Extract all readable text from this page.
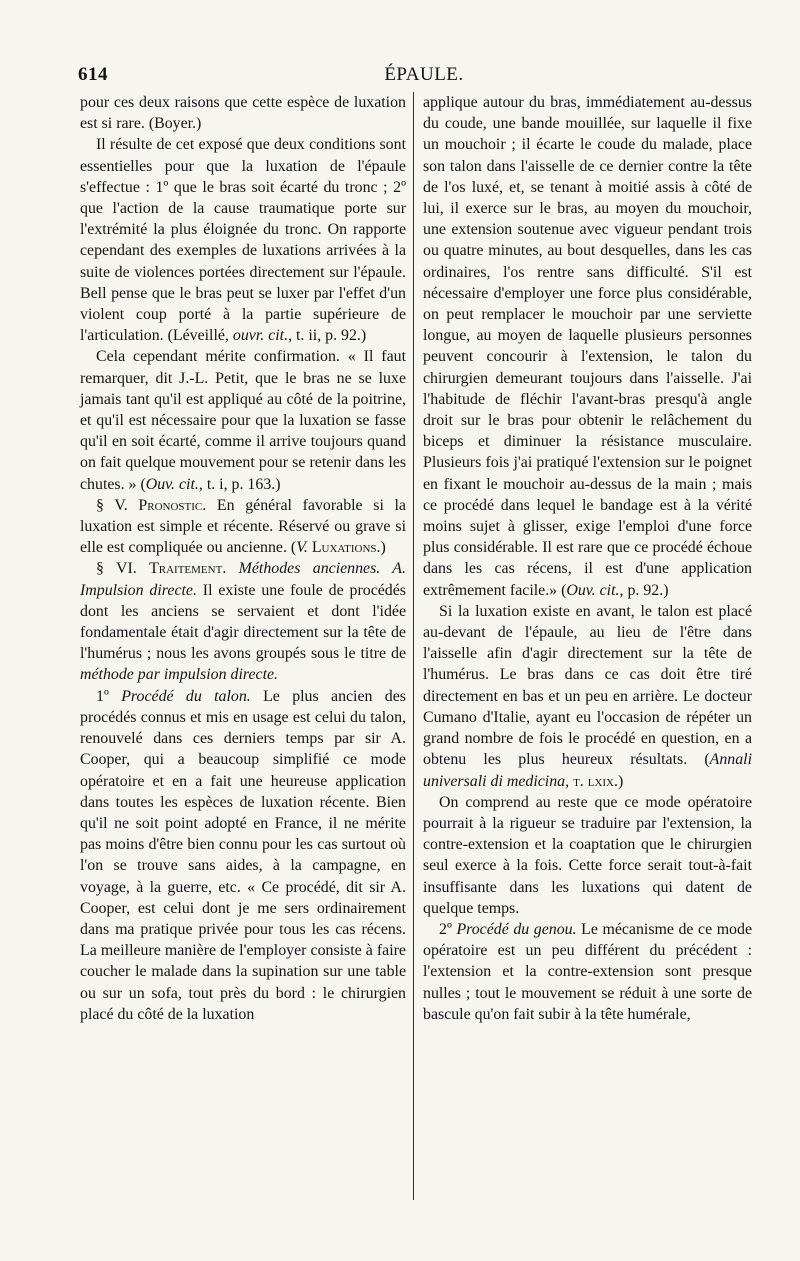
614	ÉPAULE.

pour ces deux raisons que cette espèce de luxation est si rare. (Boyer.)

Il résulte de cet exposé que deux conditions sont essentielles pour que la luxation de l'épaule s'effectue : 1º que le bras soit écarté du tronc ; 2º que l'action de la cause traumatique porte sur l'extrémité la plus éloignée du tronc. On rapporte cependant des exemples de luxations arrivées à la suite de violences portées directement sur l'épaule. Bell pense que le bras peut se luxer par l'effet d'un violent coup porté à la partie supérieure de l'articulation. (Léveillé, ouvr. cit., t. ii, p. 92.)

Cela cependant mérite confirmation. « Il faut remarquer, dit J.-L. Petit, que le bras ne se luxe jamais tant qu'il est appliqué au côté de la poitrine, et qu'il est nécessaire pour que la luxation se fasse qu'il en soit écarté, comme il arrive toujours quand on fait quelque mouvement pour se retenir dans les chutes. » (Ouv. cit., t. i, p. 163.)

§ V. Pronostic. En général favorable si la luxation est simple et récente. Réservé ou grave si elle est compliquée ou ancienne. (V. Luxations.)

§ VI. Traitement. Méthodes anciennes. A. Impulsion directe. Il existe une foule de procédés dont les anciens se servaient et dont l'idée fondamentale était d'agir directement sur la tête de l'humérus ; nous les avons groupés sous le titre de méthode par impulsion directe.

1º Procédé du talon. Le plus ancien des procédés connus et mis en usage est celui du talon, renouvelé dans ces derniers temps par sir A. Cooper, qui a beaucoup simplifié ce mode opératoire et en a fait une heureuse application dans toutes les espèces de luxation récente. Bien qu'il ne soit point adopté en France, il ne mérite pas moins d'être bien connu pour les cas surtout où l'on se trouve sans aides, à la campagne, en voyage, à la guerre, etc. « Ce procédé, dit sir A. Cooper, est celui dont je me sers ordinairement dans ma pratique privée pour tous les cas récens. La meilleure manière de l'employer consiste à faire coucher le malade dans la supination sur une table ou sur un sofa, tout près du bord : le chirurgien placé du côté de la luxation

applique autour du bras, immédiatement au-dessus du coude, une bande mouillée, sur laquelle il fixe un mouchoir ; il écarte le coude du malade, place son talon dans l'aisselle de ce dernier contre la tête de l'os luxé, et, se tenant à moitié assis à côté de lui, il exerce sur le bras, au moyen du mouchoir, une extension soutenue avec vigueur pendant trois ou quatre minutes, au bout desquelles, dans les cas ordinaires, l'os rentre sans difficulté. S'il est nécessaire d'employer une force plus considérable, on peut remplacer le mouchoir par une serviette longue, au moyen de laquelle plusieurs personnes peuvent concourir à l'extension, le talon du chirurgien demeurant toujours dans l'aisselle. J'ai l'habitude de fléchir l'avant-bras presqu'à angle droit sur le bras pour obtenir le relâchement du biceps et diminuer la résistance musculaire. Plusieurs fois j'ai pratiqué l'extension sur le poignet en fixant le mouchoir au-dessus de la main ; mais ce procédé dans lequel le bandage est à la vérité moins sujet à glisser, exige l'emploi d'une force plus considérable. Il est rare que ce procédé échoue dans les cas récens, il est d'une application extrêmement facile.» (Ouv. cit., p. 92.)

Si la luxation existe en avant, le talon est placé au-devant de l'épaule, au lieu de l'être dans l'aisselle afin d'agir directement sur la tête de l'humérus. Le bras dans ce cas doit être tiré directement en bas et un peu en arrière. Le docteur Cumano d'Italie, ayant eu l'occasion de répéter un grand nombre de fois le procédé en question, en a obtenu les plus heureux résultats. (Annali universali di medicina, t. lxix.)

On comprend au reste que ce mode opératoire pourrait à la rigueur se traduire par l'extension, la contre-extension et la coaptation que le chirurgien seul exerce à la fois. Cette force serait tout-à-fait insuffisante dans les luxations qui datent de quelque temps.

2º Procédé du genou. Le mécanisme de ce mode opératoire est un peu différent du précédent : l'extension et la contre-extension sont presque nulles ; tout le mouvement se réduit à une sorte de bascule qu'on fait subir à la tête humérale,
